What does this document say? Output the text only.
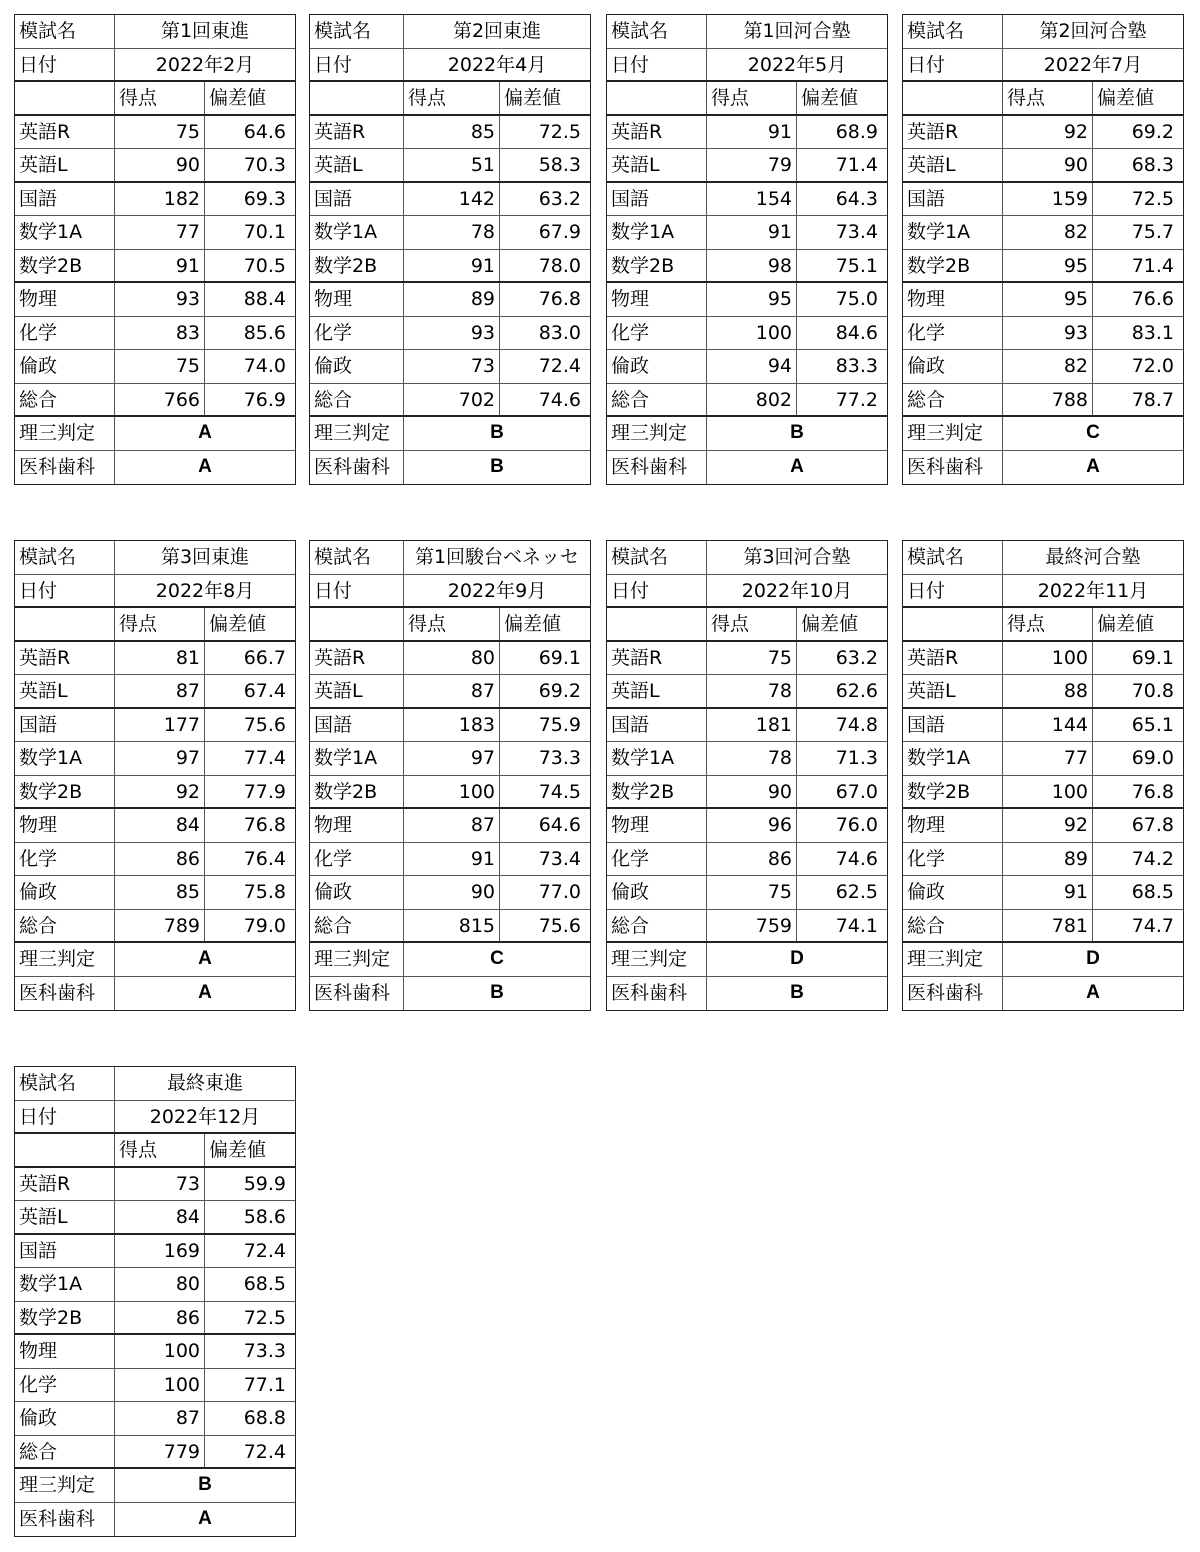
模試名	第1回東進
日付	2022年2月
得点	偏差値
英語R	75	64.6
英語L	90	70.3
国語	182	69.3
数学1A	77	70.1
数学2B	91	70.5
物理	93	88.4
化学	83	85.6
倫政	75	74.0
総合	766	76.9
理三判定	A
医科歯科	A
模試名	第2回東進
日付	2022年4月
得点	偏差値
英語R	85	72.5
英語L	51	58.3
国語	142	63.2
数学1A	78	67.9
数学2B	91	78.0
物理	89	76.8
化学	93	83.0
倫政	73	72.4
総合	702	74.6
理三判定	B
医科歯科	B
模試名	第1回河合塾
日付	2022年5月
得点	偏差値
英語R	91	68.9
英語L	79	71.4
国語	154	64.3
数学1A	91	73.4
数学2B	98	75.1
物理	95	75.0
化学	100	84.6
倫政	94	83.3
総合	802	77.2
理三判定	B
医科歯科	A
模試名	第2回河合塾
日付	2022年7月
得点	偏差値
英語R	92	69.2
英語L	90	68.3
国語	159	72.5
数学1A	82	75.7
数学2B	95	71.4
物理	95	76.6
化学	93	83.1
倫政	82	72.0
総合	788	78.7
理三判定	C
医科歯科	A
模試名	第3回東進
日付	2022年8月
得点	偏差値
英語R	81	66.7
英語L	87	67.4
国語	177	75.6
数学1A	97	77.4
数学2B	92	77.9
物理	84	76.8
化学	86	76.4
倫政	85	75.8
総合	789	79.0
理三判定	A
医科歯科	A
模試名	第1回駿台ベネッセ
日付	2022年9月
得点	偏差値
英語R	80	69.1
英語L	87	69.2
国語	183	75.9
数学1A	97	73.3
数学2B	100	74.5
物理	87	64.6
化学	91	73.4
倫政	90	77.0
総合	815	75.6
理三判定	C
医科歯科	B
模試名	第3回河合塾
日付	2022年10月
得点	偏差値
英語R	75	63.2
英語L	78	62.6
国語	181	74.8
数学1A	78	71.3
数学2B	90	67.0
物理	96	76.0
化学	86	74.6
倫政	75	62.5
総合	759	74.1
理三判定	D
医科歯科	B
模試名	最終河合塾
日付	2022年11月
得点	偏差値
英語R	100	69.1
英語L	88	70.8
国語	144	65.1
数学1A	77	69.0
数学2B	100	76.8
物理	92	67.8
化学	89	74.2
倫政	91	68.5
総合	781	74.7
理三判定	D
医科歯科	A
模試名	最終東進
日付	2022年12月
得点	偏差値
英語R	73	59.9
英語L	84	58.6
国語	169	72.4
数学1A	80	68.5
数学2B	86	72.5
物理	100	73.3
化学	100	77.1
倫政	87	68.8
総合	779	72.4
理三判定	B
医科歯科	A
